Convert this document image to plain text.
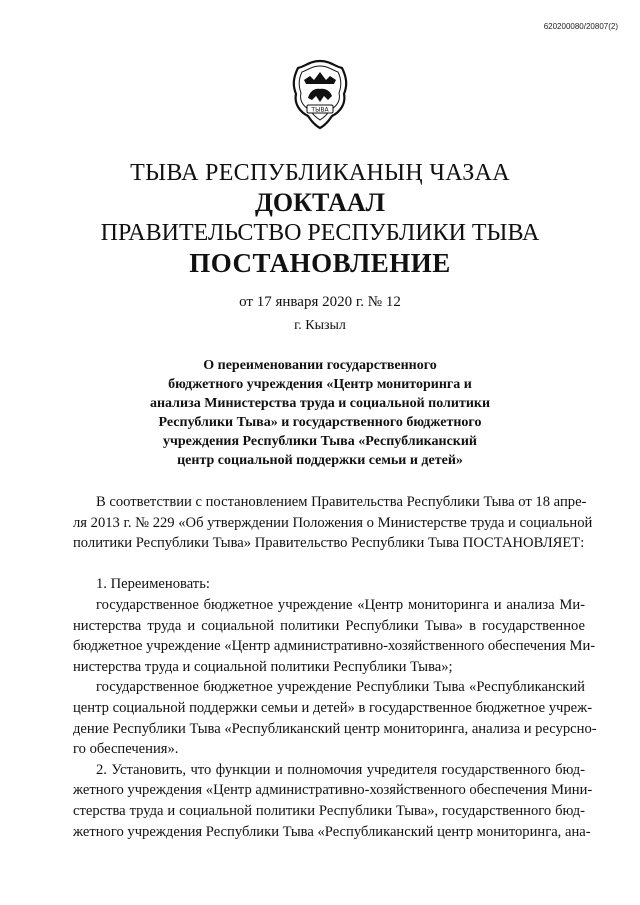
620200080/20807(2)
ТЫВА
ТЫВА РЕСПУБЛИКАНЫҢ ЧАЗАА
ДОКТААЛ
ПРАВИТЕЛЬСТВО РЕСПУБЛИКИ ТЫВА
ПОСТАНОВЛЕНИЕ
от 17 января 2020 г. № 12
г. Кызыл
О переименовании государственного
бюджетного учреждения «Центр мониторинга и
анализа Министерства труда и социальной политики
Республики Тыва» и государственного бюджетного
учреждения Республики Тыва «Республиканский
центр социальной поддержки семьи и детей»
В соответствии с постановлением Правительства Республики Тыва от 18 апре-
ля 2013 г. № 229 «Об утверждении Положения о Министерстве труда и социальной
политики Республики Тыва» Правительство Республики Тыва ПОСТАНОВЛЯЕТ:
1. Переименовать:
государственное бюджетное учреждение «Центр мониторинга и анализа Ми-
нистерства труда и социальной политики Республики Тыва» в государственное
бюджетное учреждение «Центр административно-хозяйственного обеспечения Ми-
нистерства труда и социальной политики Республики Тыва»;
государственное бюджетное учреждение Республики Тыва «Республиканский
центр социальной поддержки семьи и детей» в государственное бюджетное учреж-
дение Республики Тыва «Республиканский центр мониторинга, анализа и ресурсно-
го обеспечения».
2. Установить, что функции и полномочия учредителя государственного бюд-
жетного учреждения «Центр административно-хозяйственного обеспечения Мини-
стерства труда и социальной политики Республики Тыва», государственного бюд-
жетного учреждения Республики Тыва «Республиканский центр мониторинга, ана-
